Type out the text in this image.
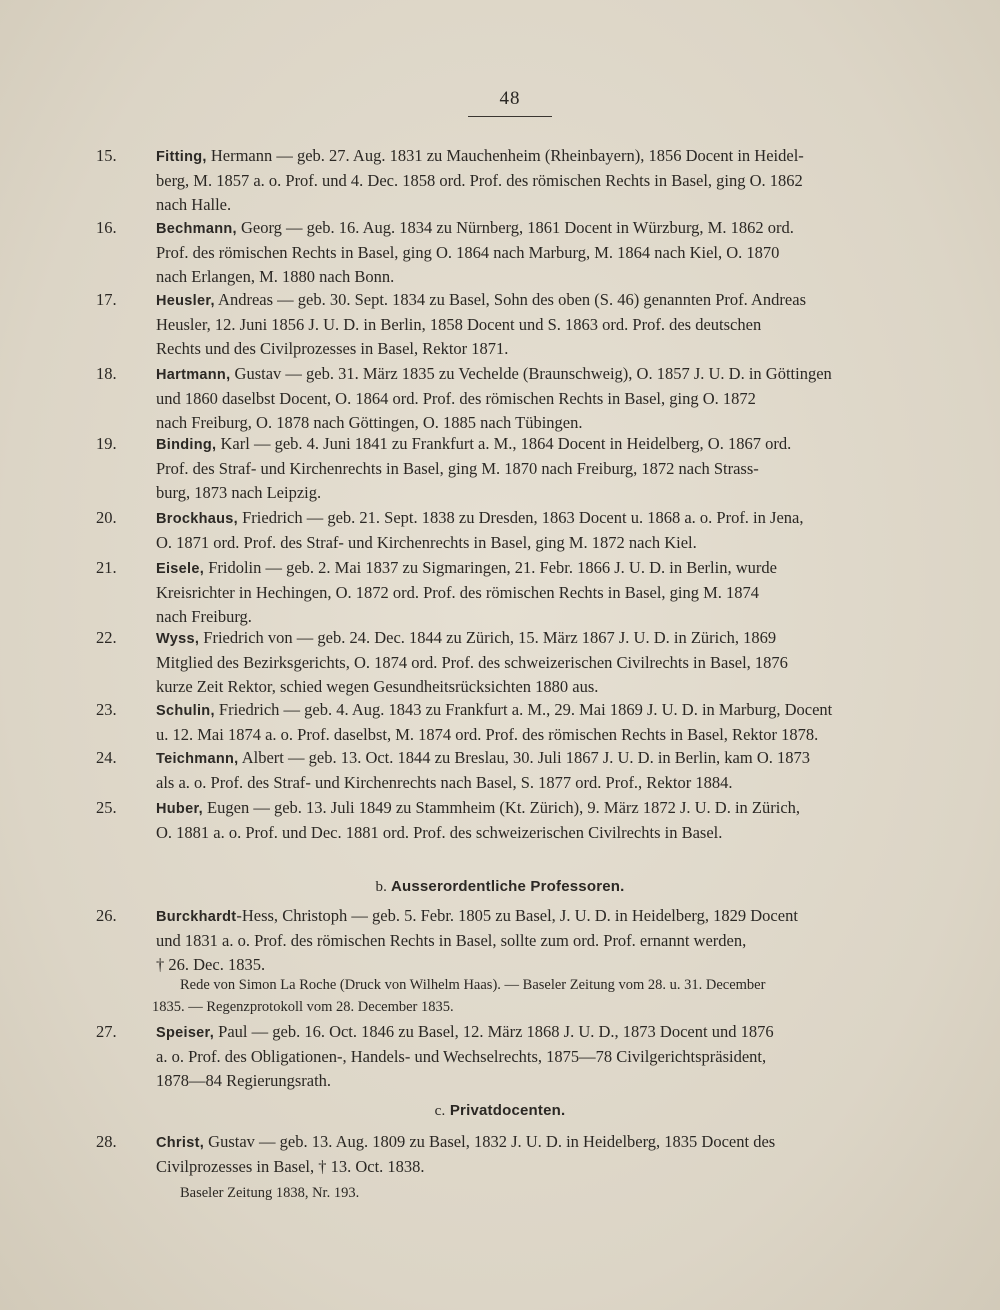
48
15.	Fitting, Hermann — geb. 27. Aug. 1831 zu Mauchenheim (Rheinbayern), 1856 Docent in Heidel-
berg, M. 1857 a. o. Prof. und 4. Dec. 1858 ord. Prof. des römischen Rechts in Basel, ging O. 1862
nach Halle.
16.	Bechmann, Georg — geb. 16. Aug. 1834 zu Nürnberg, 1861 Docent in Würzburg, M. 1862 ord.
Prof. des römischen Rechts in Basel, ging O. 1864 nach Marburg, M. 1864 nach Kiel, O. 1870
nach Erlangen, M. 1880 nach Bonn.
17.	Heusler, Andreas — geb. 30. Sept. 1834 zu Basel, Sohn des oben (S. 46) genannten Prof. Andreas
Heusler, 12. Juni 1856 J. U. D. in Berlin, 1858 Docent und S. 1863 ord. Prof. des deutschen
Rechts und des Civilprozesses in Basel, Rektor 1871.
18.	Hartmann, Gustav — geb. 31. März 1835 zu Vechelde (Braunschweig), O. 1857 J. U. D. in Göttingen
und 1860 daselbst Docent, O. 1864 ord. Prof. des römischen Rechts in Basel, ging O. 1872
nach Freiburg, O. 1878 nach Göttingen, O. 1885 nach Tübingen.
19.	Binding, Karl — geb. 4. Juni 1841 zu Frankfurt a. M., 1864 Docent in Heidelberg, O. 1867 ord.
Prof. des Straf- und Kirchenrechts in Basel, ging M. 1870 nach Freiburg, 1872 nach Strass-
burg, 1873 nach Leipzig.
20.	Brockhaus, Friedrich — geb. 21. Sept. 1838 zu Dresden, 1863 Docent u. 1868 a. o. Prof. in Jena,
O. 1871 ord. Prof. des Straf- und Kirchenrechts in Basel, ging M. 1872 nach Kiel.
21.	Eisele, Fridolin — geb. 2. Mai 1837 zu Sigmaringen, 21. Febr. 1866 J. U. D. in Berlin, wurde
Kreisrichter in Hechingen, O. 1872 ord. Prof. des römischen Rechts in Basel, ging M. 1874
nach Freiburg.
22.	Wyss, Friedrich von — geb. 24. Dec. 1844 zu Zürich, 15. März 1867 J. U. D. in Zürich, 1869
Mitglied des Bezirksgerichts, O. 1874 ord. Prof. des schweizerischen Civilrechts in Basel, 1876
kurze Zeit Rektor, schied wegen Gesundheitsrücksichten 1880 aus.
23.	Schulin, Friedrich — geb. 4. Aug. 1843 zu Frankfurt a. M., 29. Mai 1869 J. U. D. in Marburg, Docent
u. 12. Mai 1874 a. o. Prof. daselbst, M. 1874 ord. Prof. des römischen Rechts in Basel, Rektor 1878.
24.	Teichmann, Albert — geb. 13. Oct. 1844 zu Breslau, 30. Juli 1867 J. U. D. in Berlin, kam O. 1873
als a. o. Prof. des Straf- und Kirchenrechts nach Basel, S. 1877 ord. Prof., Rektor 1884.
25.	Huber, Eugen — geb. 13. Juli 1849 zu Stammheim (Kt. Zürich), 9. März 1872 J. U. D. in Zürich,
O. 1881 a. o. Prof. und Dec. 1881 ord. Prof. des schweizerischen Civilrechts in Basel.
26.	Burckhardt-Hess, Christoph — geb. 5. Febr. 1805 zu Basel, J. U. D. in Heidelberg, 1829 Docent
und 1831 a. o. Prof. des römischen Rechts in Basel, sollte zum ord. Prof. ernannt werden,
† 26. Dec. 1835.
27.	Speiser, Paul — geb. 16. Oct. 1846 zu Basel, 12. März 1868 J. U. D., 1873 Docent und 1876
a. o. Prof. des Obligationen-, Handels- und Wechselrechts, 1875—78 Civilgerichtspräsident,
1878—84 Regierungsrath.
28.	Christ, Gustav — geb. 13. Aug. 1809 zu Basel, 1832 J. U. D. in Heidelberg, 1835 Docent des
Civilprozesses in Basel, † 13. Oct. 1838.
b. Ausserordentliche Professoren.
c. Privatdocenten.
Rede von Simon La Roche (Druck von Wilhelm Haas). — Baseler Zeitung vom 28. u. 31. December
1835. — Regenzprotokoll vom 28. December 1835.
Baseler Zeitung 1838, Nr. 193.
